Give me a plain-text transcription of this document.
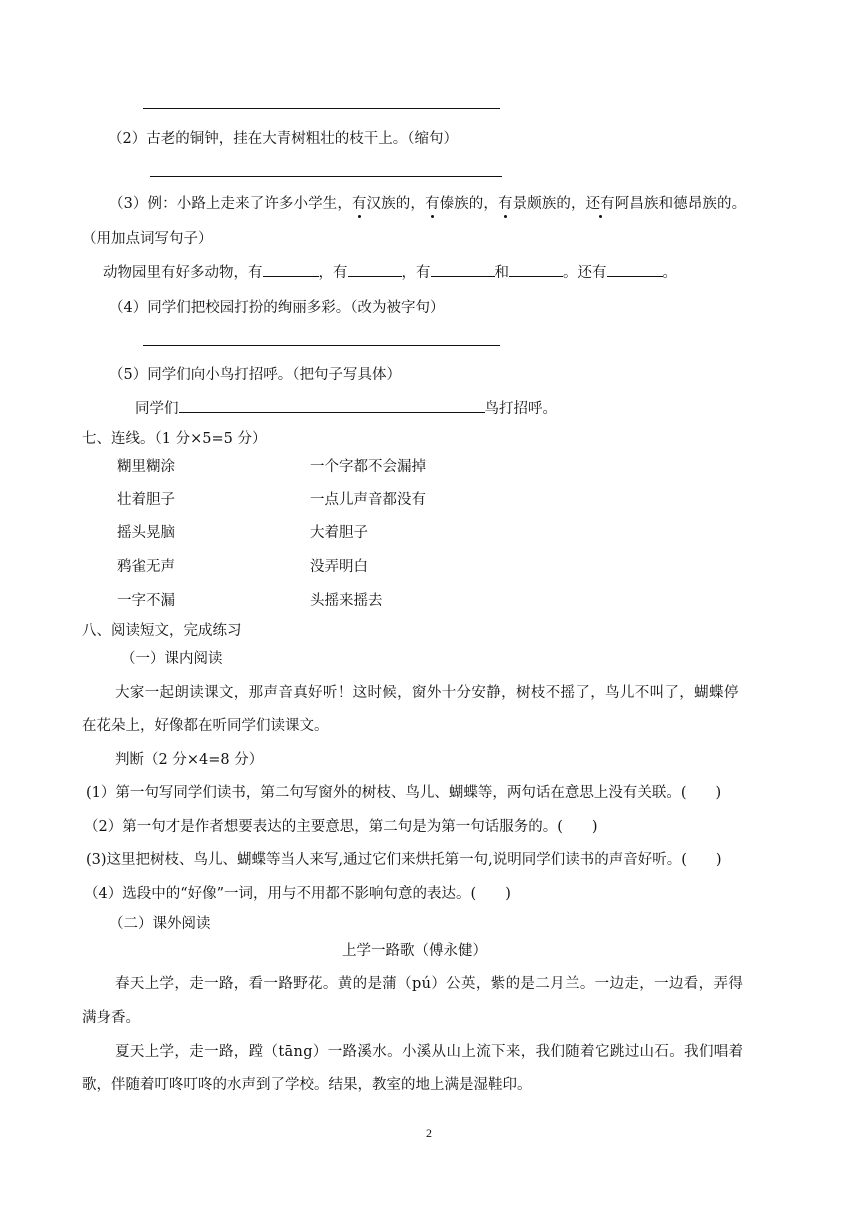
（2）古老的铜钟，挂在大青树粗壮的枝干上。（缩句）
（3）例：小路上走来了许多小学生，有汉族的，有傣族的，有景颇族的，还有阿昌族和德昂族的。
（用加点词写句子）
动物园里有好多动物，有	，有	，有	和	。还有	。
（4）同学们把校园打扮的绚丽多彩。（改为被字句）
（5）同学们向小鸟打招呼。（把句子写具体）
同学们	鸟打招呼。
七、连线。（1 分×5=5 分）
糊里糊涂	一个字都不会漏掉
壮着胆子	一点儿声音都没有
摇头晃脑	大着胆子
鸦雀无声	没弄明白
一字不漏	头摇来摇去
八、阅读短文，完成练习
（一）课内阅读
大家一起朗读课文，那声音真好听！这时候，窗外十分安静，树枝不摇了，鸟儿不叫了，蝴蝶停
在花朵上，好像都在听同学们读课文。
判断（2 分×4=8 分）
(1）第一句写同学们读书，第二句写窗外的树枝、鸟儿、蝴蝶等，两句话在意思上没有关联。(　　)
（2）第一句才是作者想要表达的主要意思，第二句是为第一句话服务的。(　　)
(3)这里把树枝、鸟儿、蝴蝶等当人来写,通过它们来烘托第一句,说明同学们读书的声音好听。(　　)
（4）选段中的“好像”一词，用与不用都不影响句意的表达。(　　)
（二）课外阅读
上学一路歌（傅永健）
春天上学，走一路，看一路野花。黄的是蒲（pú）公英，紫的是二月兰。一边走，一边看，弄得
满身香。
夏天上学，走一路，蹚（tāng）一路溪水。小溪从山上流下来，我们随着它跳过山石。我们唱着
歌，伴随着叮咚叮咚的水声到了学校。结果，教室的地上满是湿鞋印。
2
